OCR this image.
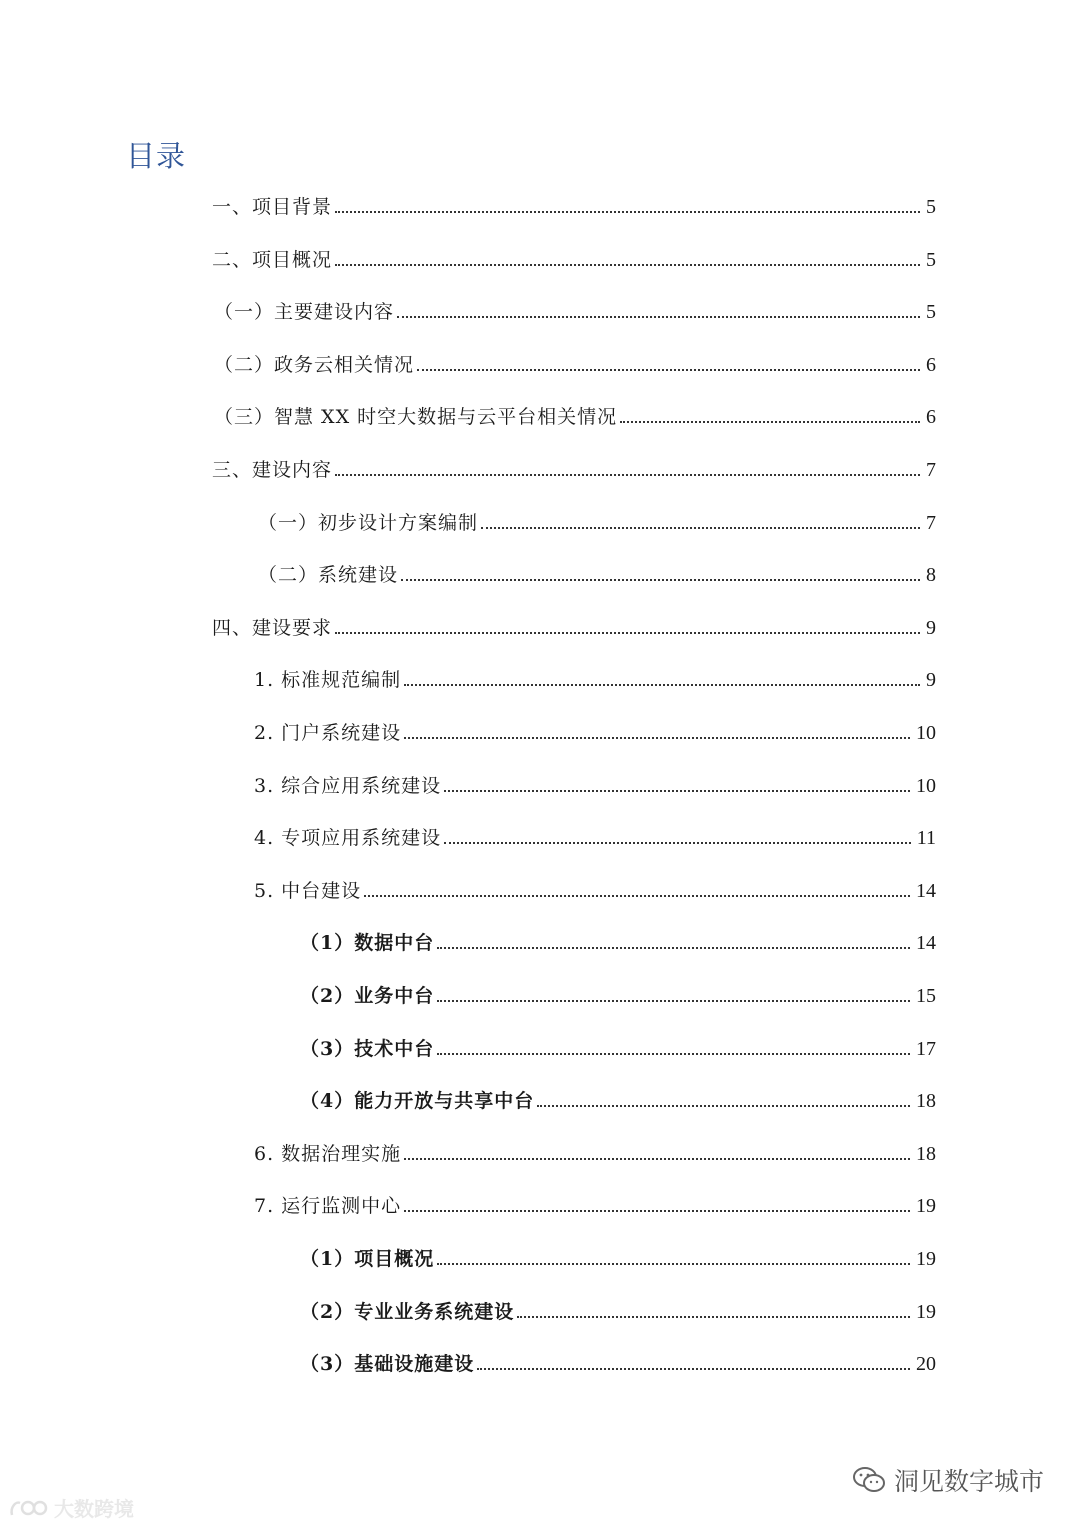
目录
一、项目背景	5
二、项目概况	5
（一）主要建设内容	5
（二）政务云相关情况	6
（三）智慧 XX 时空大数据与云平台相关情况	6
三、建设内容	7
（一）初步设计方案编制	7
（二）系统建设	8
四、建设要求	9
1. 标准规范编制	9
2. 门户系统建设	10
3. 综合应用系统建设	10
4. 专项应用系统建设	11
5. 中台建设	14
（1）数据中台	14
（2）业务中台	15
（3）技术中台	17
（4）能力开放与共享中台	18
6. 数据治理实施	18
7. 运行监测中心	19
（1）项目概况	19
（2）专业业务系统建设	19
（3）基础设施建设	20
洞见数字城市
大数跨境
